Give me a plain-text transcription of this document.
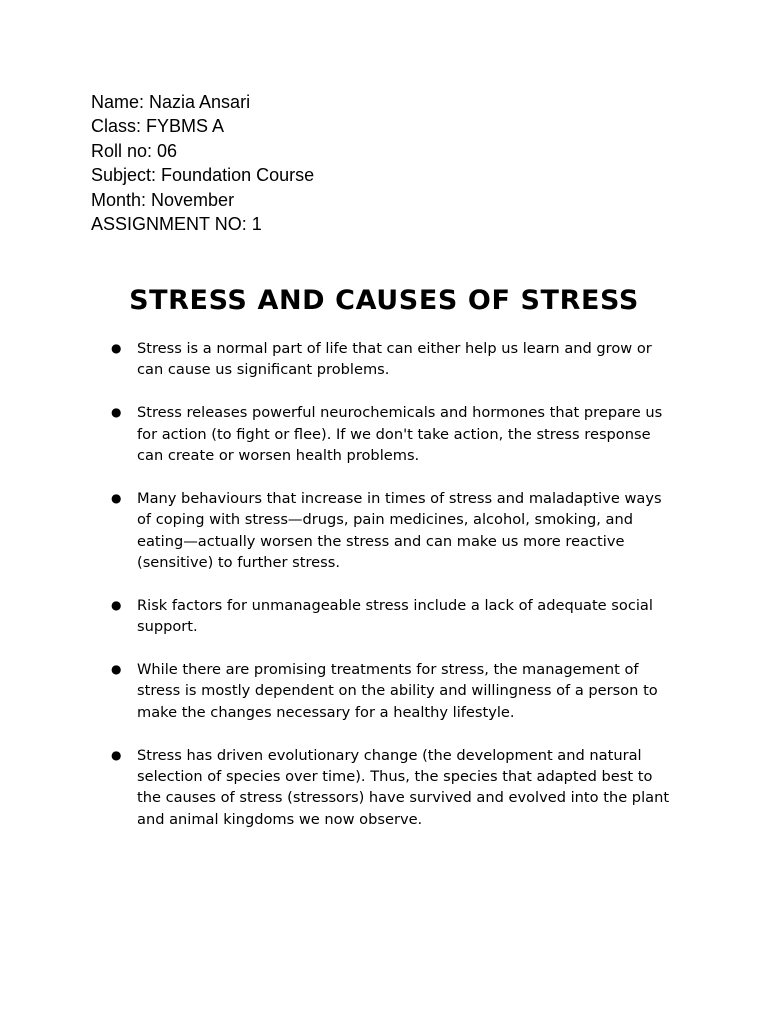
Name: Nazia Ansari
Class: FYBMS A
Roll no: 06
Subject: Foundation Course
Month: November
ASSIGNMENT NO: 1
STRESS AND CAUSES OF STRESS
● Stress is a normal part of life that can either help us learn and grow or can cause us significant problems.
● Stress releases powerful neurochemicals and hormones that prepare us for action (to fight or flee). If we don't take action, the stress response can create or worsen health problems.
● Many behaviours that increase in times of stress and maladaptive ways of coping with stress—drugs, pain medicines, alcohol, smoking, and eating—actually worsen the stress and can make us more reactive (sensitive) to further stress.
● Risk factors for unmanageable stress include a lack of adequate social support.
● While there are promising treatments for stress, the management of stress is mostly dependent on the ability and willingness of a person to make the changes necessary for a healthy lifestyle.
● Stress has driven evolutionary change (the development and natural selection of species over time). Thus, the species that adapted best to the causes of stress (stressors) have survived and evolved into the plant and animal kingdoms we now observe.
